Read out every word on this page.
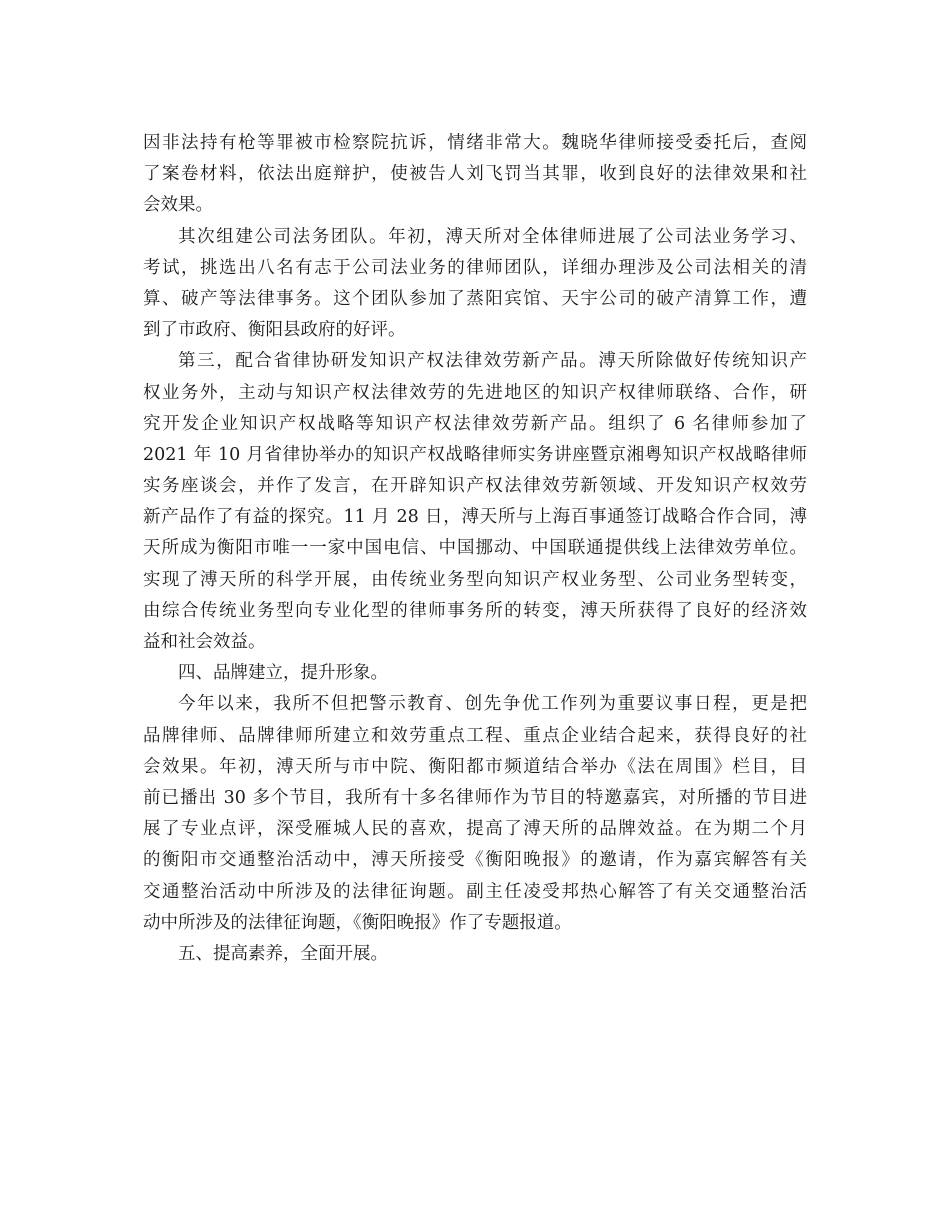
因非法持有枪等罪被市检察院抗诉，情绪非常大。魏晓华律师接受委托后，查阅
了案卷材料，依法出庭辩护，使被告人刘飞罚当其罪，收到良好的法律效果和社
会效果。
其次组建公司法务团队。年初，溥天所对全体律师进展了公司法业务学习、
考试，挑选出八名有志于公司法业务的律师团队，详细办理涉及公司法相关的清
算、破产等法律事务。这个团队参加了蒸阳宾馆、天宇公司的破产清算工作，遭
到了市政府、衡阳县政府的好评。
第三，配合省律协研发知识产权法律效劳新产品。溥天所除做好传统知识产
权业务外，主动与知识产权法律效劳的先进地区的知识产权律师联络、合作，研
究开发企业知识产权战略等知识产权法律效劳新产品。组织了 6 名律师参加了
2021 年 10 月省律协举办的知识产权战略律师实务讲座暨京湘粤知识产权战略律师
实务座谈会，并作了发言，在开辟知识产权法律效劳新领域、开发知识产权效劳
新产品作了有益的探究。11 月 28 日，溥天所与上海百事通签订战略合作合同，溥
天所成为衡阳市唯一一家中国电信、中国挪动、中国联通提供线上法律效劳单位。
实现了溥天所的科学开展，由传统业务型向知识产权业务型、公司业务型转变，
由综合传统业务型向专业化型的律师事务所的转变，溥天所获得了良好的经济效
益和社会效益。
四、品牌建立，提升形象。
今年以来，我所不但把警示教育、创先争优工作列为重要议事日程，更是把
品牌律师、品牌律师所建立和效劳重点工程、重点企业结合起来，获得良好的社
会效果。年初，溥天所与市中院、衡阳都市频道结合举办《法在周围》栏目，目
前已播出 30 多个节目，我所有十多名律师作为节目的特邀嘉宾，对所播的节目进
展了专业点评，深受雁城人民的喜欢，提高了溥天所的品牌效益。在为期二个月
的衡阳市交通整治活动中，溥天所接受《衡阳晚报》的邀请，作为嘉宾解答有关
交通整治活动中所涉及的法律征询题。副主任凌受邦热心解答了有关交通整治活
动中所涉及的法律征询题，《衡阳晚报》作了专题报道。
五、提高素养，全面开展。
